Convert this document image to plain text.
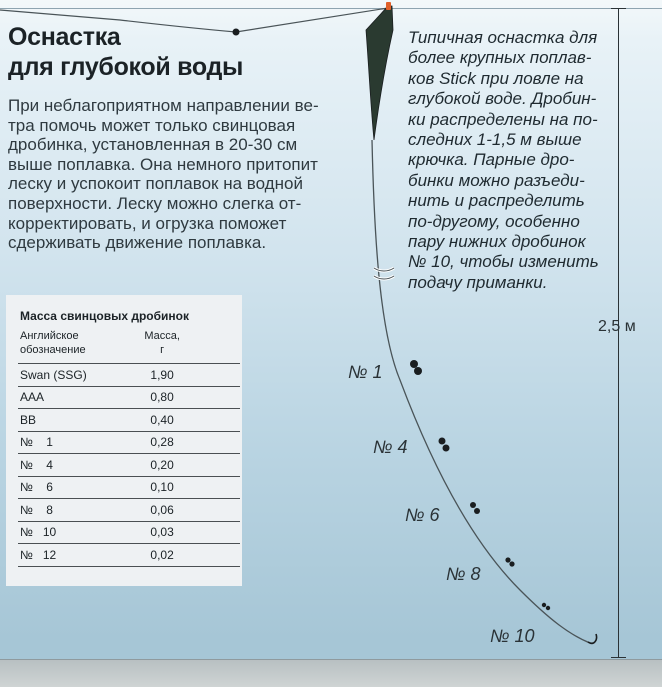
Оснастка
для глубокой воды

При неблагоприятном направлении ве-
тра помочь может только свинцовая
дробинка, установленная в 20-30 см
выше поплавка. Она немного притопит
леску и успокоит поплавок на водной
поверхности. Леску можно слегка от-
корректировать, и огрузка поможет
сдерживать движение поплавка.

Типичная оснастка для
более крупных поплав-
ков Stick при ловле на
глубокой воде. Дробин-
ки распределены на по-
следних 1-1,5 м выше
крючка. Парные дро-
бинки можно разъеди-
нить и распределить
по-другому, особенно
пару нижних дробинок
№ 10, чтобы изменить
подачу приманки.

Масса свинцовых дробинок	
Английское
обозначение	Масса,
г
Swan (SSG)	1,90
AAA	0,80
BB	0,40
№    1	0,28
№    4	0,20
№    6	0,10
№    8	0,06
№   10	0,03
№   12	0,02
2,5 м
№ 1
№ 4
№ 6
№ 8
№ 10
